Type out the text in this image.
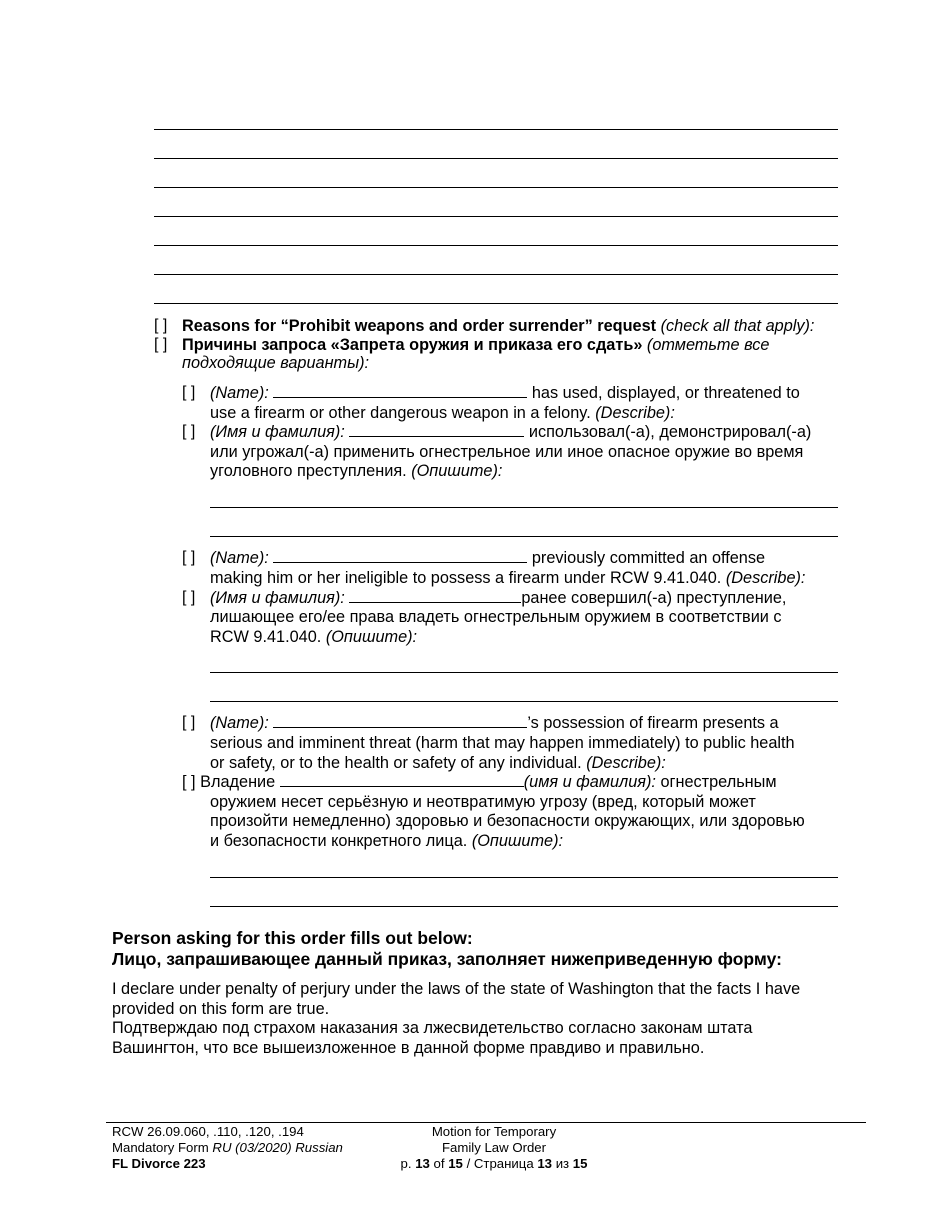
[ ] Reasons for “Prohibit weapons and order surrender” request (check all that apply):
[ ] Причины запроса «Запрета оружия и приказа его сдать» (отметьте все
подходящие варианты):
[ ] (Name):	has used, displayed, or threatened to
use a firearm or other dangerous weapon in a felony. (Describe):
[ ] (Имя и фамилия):	использовал(-а), демонстрировал(-а)
или угрожал(-а) применить огнестрельное или иное опасное оружие во время
уголовного преступления. (Опишите):
[ ] (Name):	previously committed an offense
making him or her ineligible to possess a firearm under RCW 9.41.040. (Describe):
[ ] (Имя и фамилия):	ранее совершил(-а) преступление,
лишающее его/ее права владеть огнестрельным оружием в соответствии с
RCW 9.41.040. (Опишите):
[ ] (Name):	’s possession of firearm presents a
serious and imminent threat (harm that may happen immediately) to public health
or safety, or to the health or safety of any individual. (Describe):
[ ] Владение	(имя и фамилия): огнестрельным
оружием несет серьёзную и неотвратимую угрозу (вред, который может
произойти немедленно) здоровью и безопасности окружающих, или здоровью
и безопасности конкретного лица. (Опишите):
Person asking for this order fills out below:
Лицо, запрашивающее данный приказ, заполняет нижеприведенную форму:
I declare under penalty of perjury under the laws of the state of Washington that the facts I have
provided on this form are true.
Подтверждаю под страхом наказания за лжесвидетельство согласно законам штата
Вашингтон, что все вышеизложенное в данной форме правдиво и правильно.
RCW 26.09.060, .110, .120, .194
Mandatory Form RU (03/2020) Russian
FL Divorce 223
Motion for Temporary
Family Law Order
p. 13 of 15 / Страница 13 из 15
